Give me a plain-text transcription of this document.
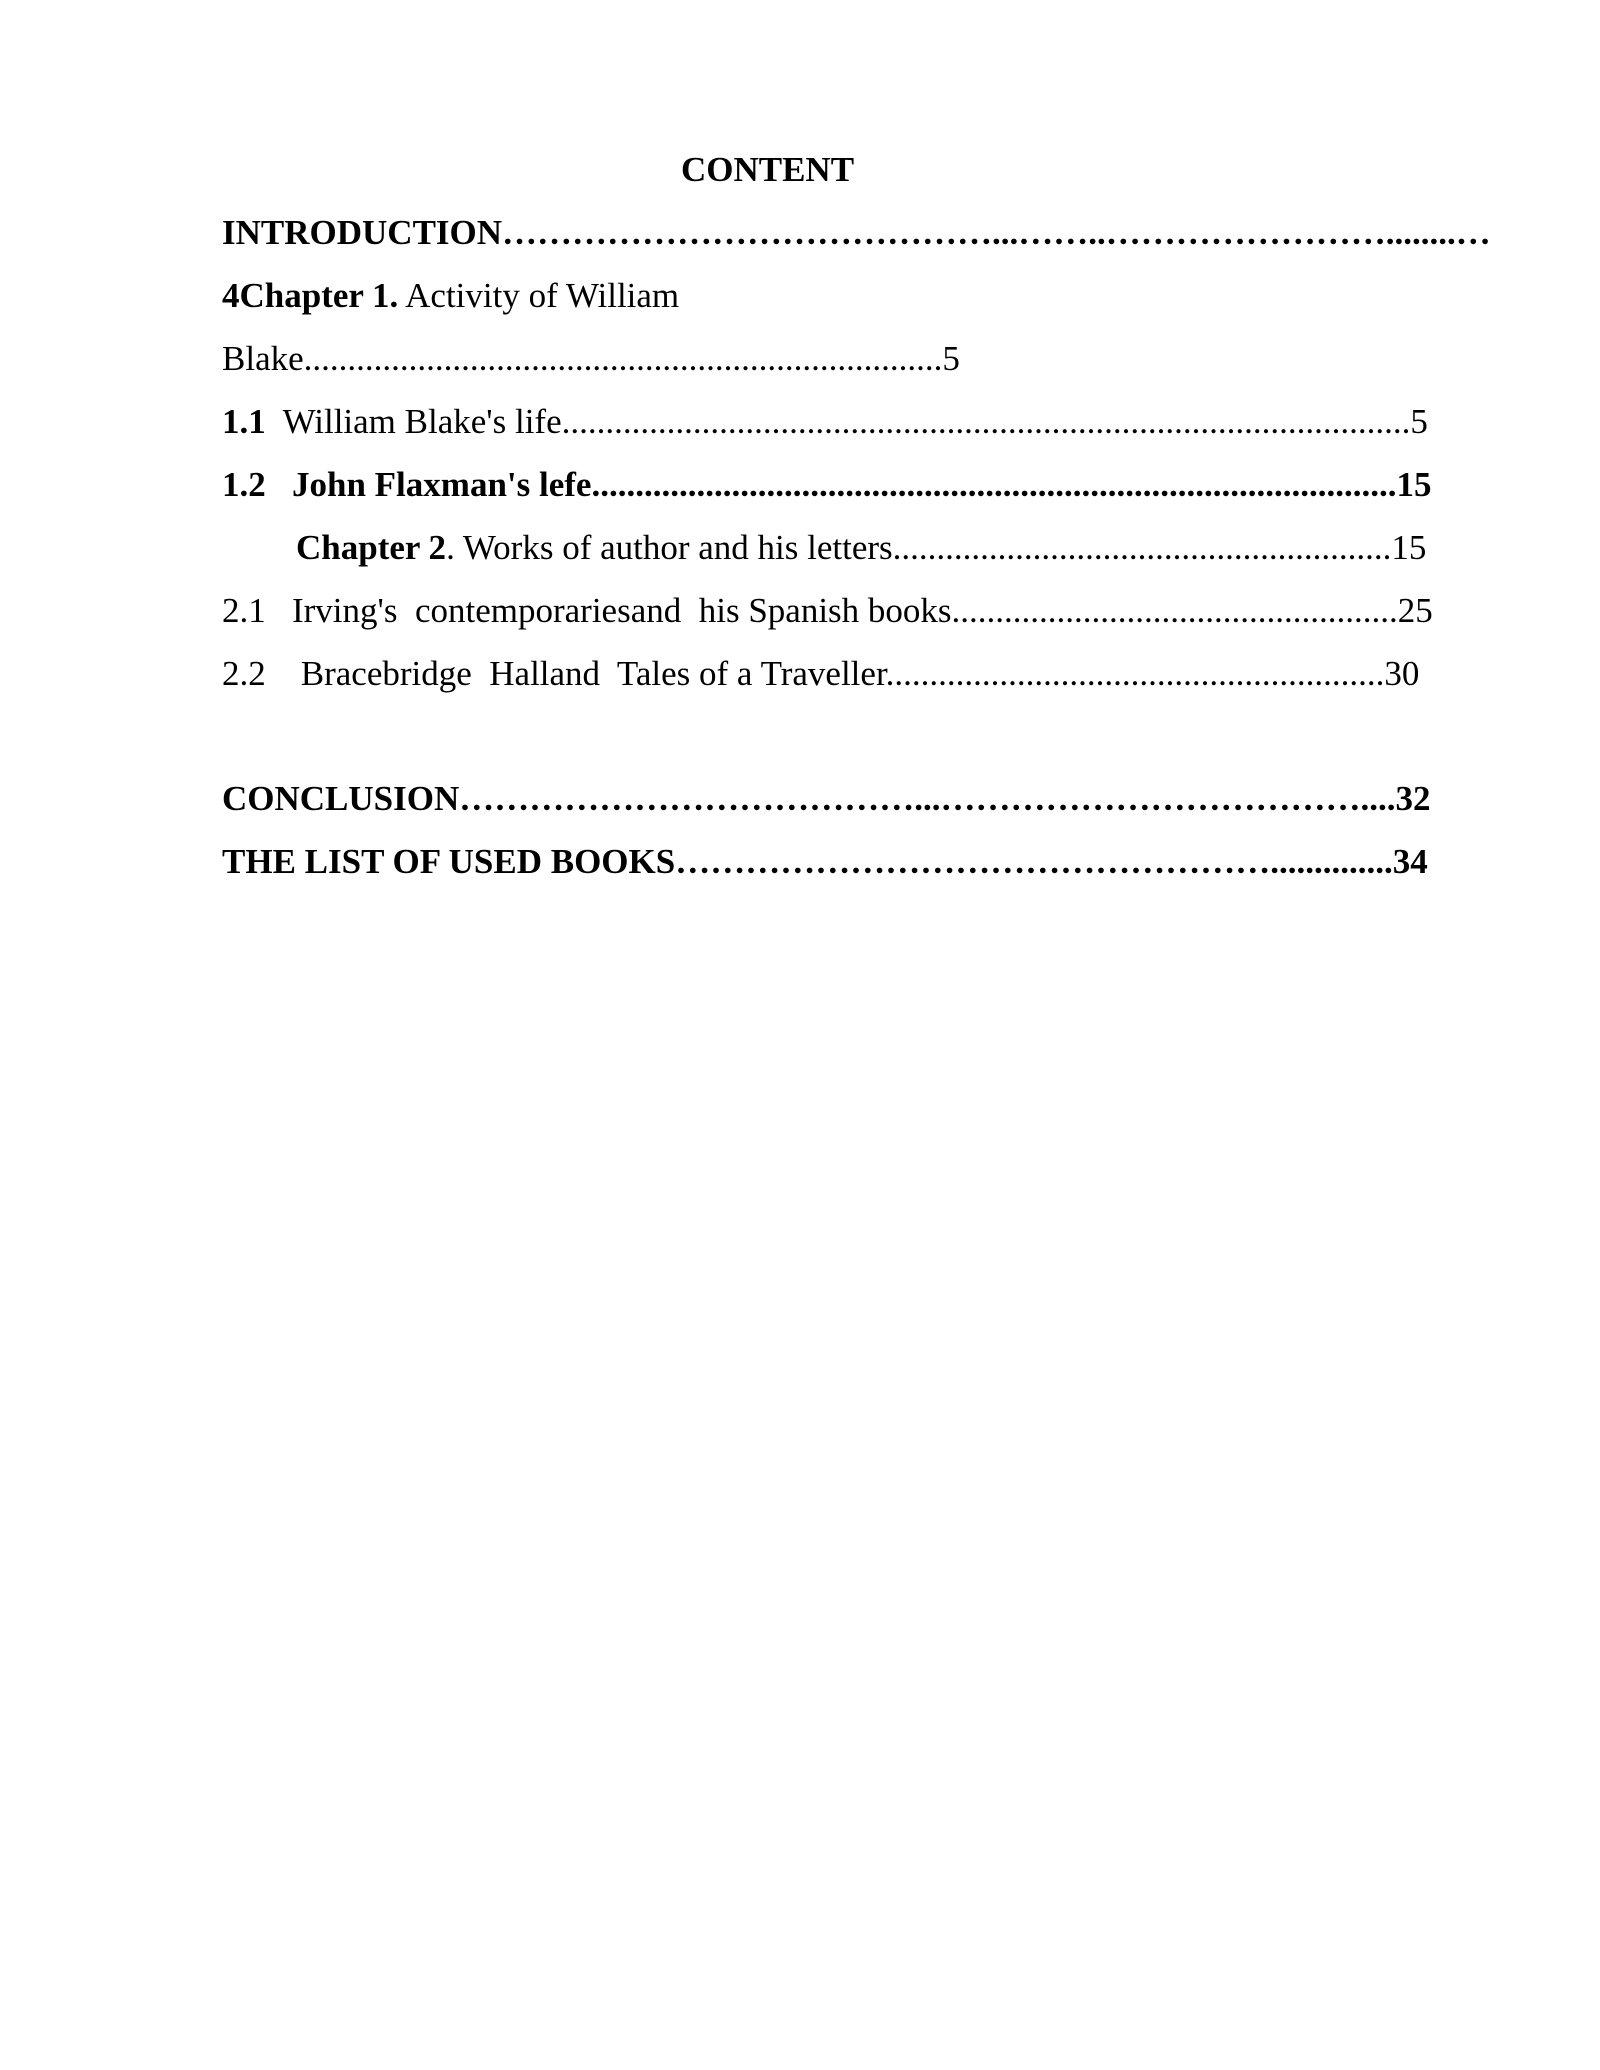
CONTENT
INTRODUCTION……………………………………...……..……………………........…
4Chapter 1. Activity of William
Blake.........................................................................5
1.1  William Blake's life.................................................................................................5
1.2   John Flaxman's lefe............................................................................................15
Chapter 2. Works of author and his letters.........................................................15
2.1   Irving's  contemporariesand  his Spanish books...................................................25
2.2    Bracebridge  Halland  Tales of a Traveller.........................................................30
CONCLUSION…………………………………...………………………………....32
THE LIST OF USED BOOKS……………………………………………..............34
